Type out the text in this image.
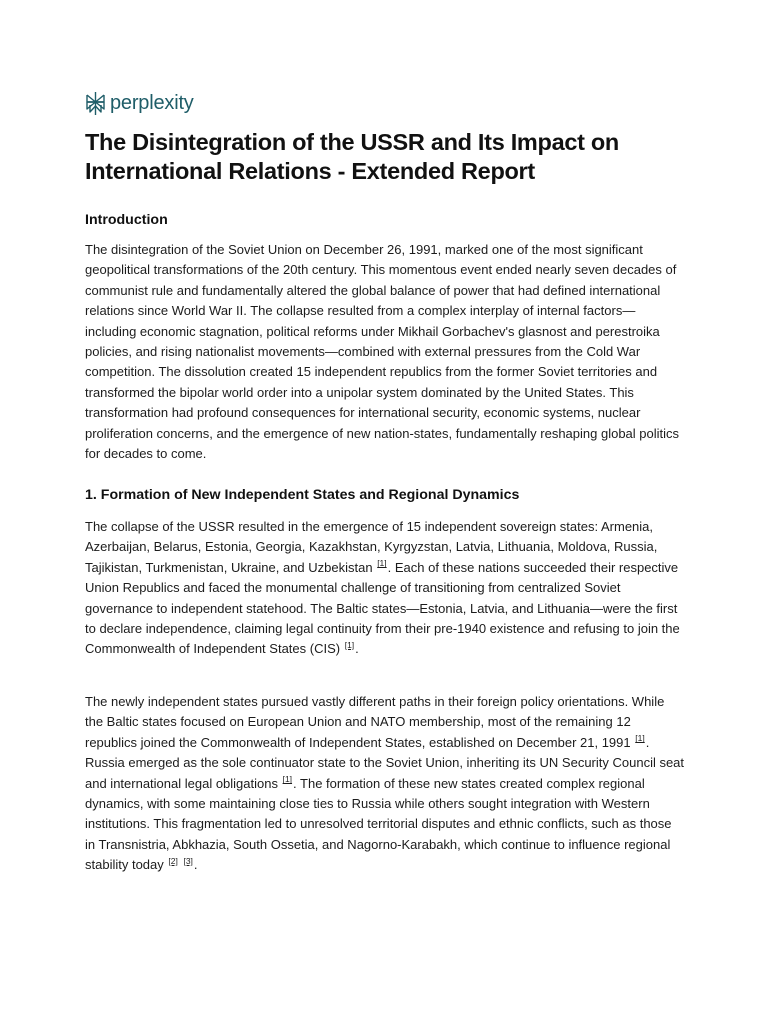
perplexity
The Disintegration of the USSR and Its Impact on International Relations - Extended Report
Introduction

The disintegration of the Soviet Union on December 26, 1991, marked one of the most significant geopolitical transformations of the 20th century. This momentous event ended nearly seven decades of communist rule and fundamentally altered the global balance of power that had defined international relations since World War II. The collapse resulted from a complex interplay of internal factors—including economic stagnation, political reforms under Mikhail Gorbachev's glasnost and perestroika policies, and rising nationalist movements—combined with external pressures from the Cold War competition. The dissolution created 15 independent republics from the former Soviet territories and transformed the bipolar world order into a unipolar system dominated by the United States. This transformation had profound consequences for international security, economic systems, nuclear proliferation concerns, and the emergence of new nation-states, fundamentally reshaping global politics for decades to come.

1. Formation of New Independent States and Regional Dynamics

The collapse of the USSR resulted in the emergence of 15 independent sovereign states: Armenia, Azerbaijan, Belarus, Estonia, Georgia, Kazakhstan, Kyrgyzstan, Latvia, Lithuania, Moldova, Russia, Tajikistan, Turkmenistan, Ukraine, and Uzbekistan [1]. Each of these nations succeeded their respective Union Republics and faced the monumental challenge of transitioning from centralized Soviet governance to independent statehood. The Baltic states—Estonia, Latvia, and Lithuania—were the first to declare independence, claiming legal continuity from their pre-1940 existence and refusing to join the Commonwealth of Independent States (CIS) [1].

The newly independent states pursued vastly different paths in their foreign policy orientations. While the Baltic states focused on European Union and NATO membership, most of the remaining 12 republics joined the Commonwealth of Independent States, established on December 21, 1991 [1]. Russia emerged as the sole continuator state to the Soviet Union, inheriting its UN Security Council seat and international legal obligations [1]. The formation of these new states created complex regional dynamics, with some maintaining close ties to Russia while others sought integration with Western institutions. This fragmentation led to unresolved territorial disputes and ethnic conflicts, such as those in Transnistria, Abkhazia, South Ossetia, and Nagorno-Karabakh, which continue to influence regional stability today [2] [3].
